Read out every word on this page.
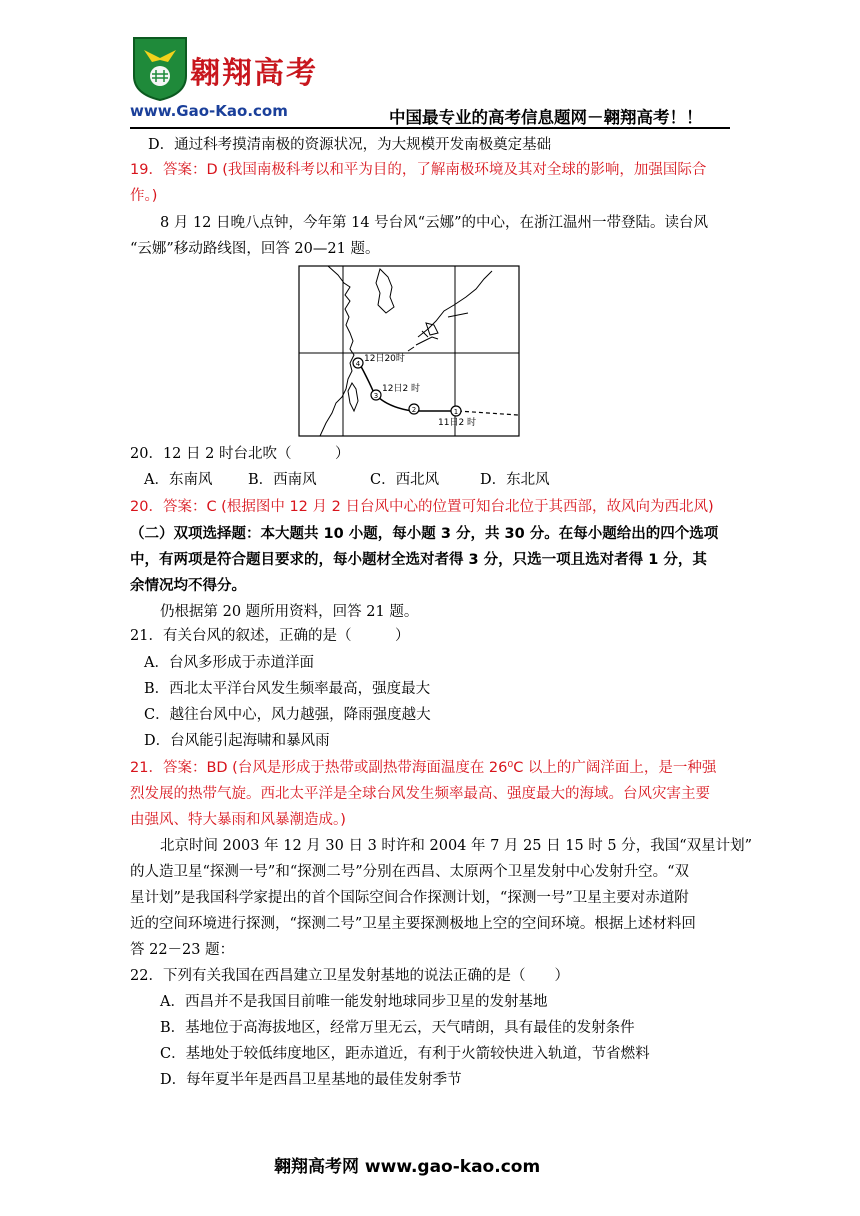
翱翔高考
www.Gao-Kao.com	中国最专业的高考信息题网－翱翔高考！！
D．通过科考摸清南极的资源状况，为大规模开发南极奠定基础
19．答案：D (我国南极科考以和平为目的，了解南极环境及其对全球的影响，加强国际合
作。)
8 月 12 日晚八点钟，今年第 14 号台风“云娜”的中心，在浙江温州一带登陆。读台风
“云娜”移动路线图，回答 20—21 题。
4
3
2	1
12日20时
12日2 时
11日2 时
20．12 日 2 时台北吹（　　　）
A．东南风 B．西南风	C．西北风	D．东北风
20．答案：C (根据图中 12 月 2 日台风中心的位置可知台北位于其西部，故风向为西北风)
（二）双项选择题：本大题共 10 小题，每小题 3 分，共 30 分。在每小题给出的四个选项
中，有两项是符合题目要求的，每小题材全选对者得 3 分，只选一项且选对者得 1 分，其
余情况均不得分。
仍根据第 20 题所用资料，回答 21 题。
21．有关台风的叙述，正确的是（　　　）
A．台风多形成于赤道洋面
B．西北太平洋台风发生频率最高，强度最大
C．越往台风中心，风力越强，降雨强度越大
D．台风能引起海啸和暴风雨
21．答案：BD (台风是形成于热带或副热带海面温度在 26⁰C 以上的广阔洋面上，是一种强
烈发展的热带气旋。西北太平洋是全球台风发生频率最高、强度最大的海域。台风灾害主要
由强风、特大暴雨和风暴潮造成。)
北京时间 2003 年 12 月 30 日 3 时许和 2004 年 7 月 25 日 15 时 5 分，我国“双星计划”
的人造卫星“探测一号”和“探测二号”分别在西昌、太原两个卫星发射中心发射升空。“双
星计划”是我国科学家提出的首个国际空间合作探测计划，“探测一号”卫星主要对赤道附
近的空间环境进行探测，“探测二号”卫星主要探测极地上空的空间环境。根据上述材料回
答 22－23 题：
22．下列有关我国在西昌建立卫星发射基地的说法正确的是（　　）
A．西昌并不是我国目前唯一能发射地球同步卫星的发射基地
B．基地位于高海拔地区，经常万里无云，天气晴朗，具有最佳的发射条件
C．基地处于较低纬度地区，距赤道近，有利于火箭较快进入轨道，节省燃料
D．每年夏半年是西昌卫星基地的最佳发射季节
翱翔高考网 www.gao-kao.com
